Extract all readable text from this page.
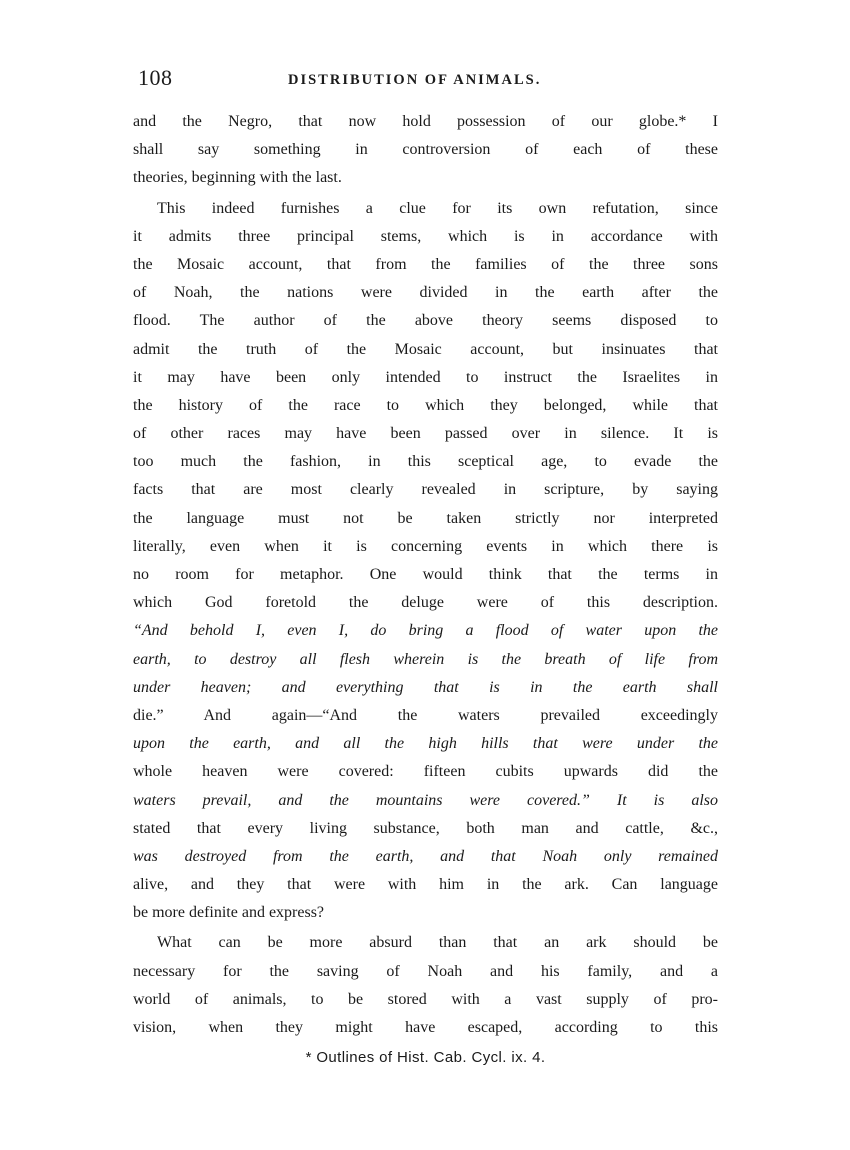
108	DISTRIBUTION OF ANIMALS.
and the Negro, that now hold possession of our globe.* I
shall say something in controversion of each of these
theories, beginning with the last.
This indeed furnishes a clue for its own refutation, since
it admits three principal stems, which is in accordance with
the Mosaic account, that from the families of the three sons
of Noah, the nations were divided in the earth after the
flood. The author of the above theory seems disposed to
admit the truth of the Mosaic account, but insinuates that
it may have been only intended to instruct the Israelites in
the history of the race to which they belonged, while that
of other races may have been passed over in silence. It is
too much the fashion, in this sceptical age, to evade the
facts that are most clearly revealed in scripture, by saying
the language must not be taken strictly nor interpreted
literally, even when it is concerning events in which there is
no room for metaphor. One would think that the terms in
which God foretold the deluge were of this description.
“And behold I, even I, do bring a flood of water upon the
earth, to destroy all flesh wherein is the breath of life from
under heaven; and everything that is in the earth shall
die.” And again—“And the waters prevailed exceedingly
upon the earth, and all the high hills that were under the
whole heaven were covered: fifteen cubits upwards did the
waters prevail, and the mountains were covered.” It is also
stated that every living substance, both man and cattle, &c.,
was destroyed from the earth, and that Noah only remained
alive, and they that were with him in the ark. Can language
be more definite and express?
What can be more absurd than that an ark should be
necessary for the saving of Noah and his family, and a
world of animals, to be stored with a vast supply of pro-
vision, when they might have escaped, according to this
* Outlines of Hist. Cab. Cycl. ix. 4.
